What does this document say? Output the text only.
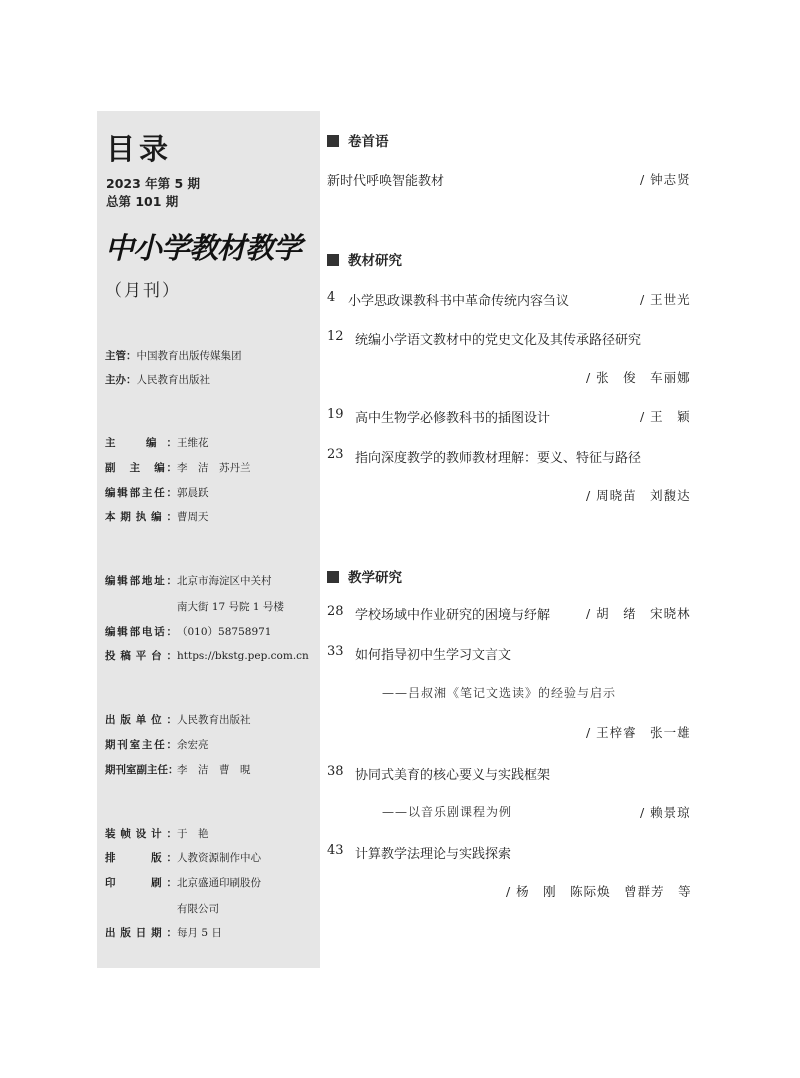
目录
2023 年第 5 期
总第 101 期
中小学教材教学
（月刊）
主管：中国教育出版传媒集团
主办：人民教育出版社
主　编：王维花
副　主　编：李　洁　苏丹兰
编辑部主任：郭晨跃
本期执编：曹周天
编辑部地址：北京市海淀区中关村
南大街 17 号院 1 号楼
编辑部电话：（010）58758971
投稿平台：https://bkstg.pep.com.cn
出版单位：人民教育出版社
期刊室主任：余宏亮
期刊室副主任：李　洁　曹　晛
装帧设计：于　艳
排　　版：人教资源制作中心
印　　刷：北京盛通印刷股份
有限公司
出版日期：每月 5 日
卷首语
新时代呼唤智能教材	/ 钟志贤
教材研究
4 小学思政课教科书中革命传统内容刍议	/ 王世光
12 统编小学语文教材中的党史文化及其传承路径研究
/ 张　俊　车丽娜
19 高中生物学必修教科书的插图设计	/ 王　颖
23 指向深度教学的教师教材理解：要义、特征与路径
/ 周晓苗　刘馥达
教学研究
28 学校场域中作业研究的困境与纾解	/ 胡　绪　宋晓林
33 如何指导初中生学习文言文
——吕叔湘《笔记文选读》的经验与启示
/ 王梓睿　张一雄
38 协同式美育的核心要义与实践框架
——以音乐剧课程为例	/ 赖景琼
43 计算教学法理论与实践探索
/ 杨　刚　陈际焕　曾群芳　等
